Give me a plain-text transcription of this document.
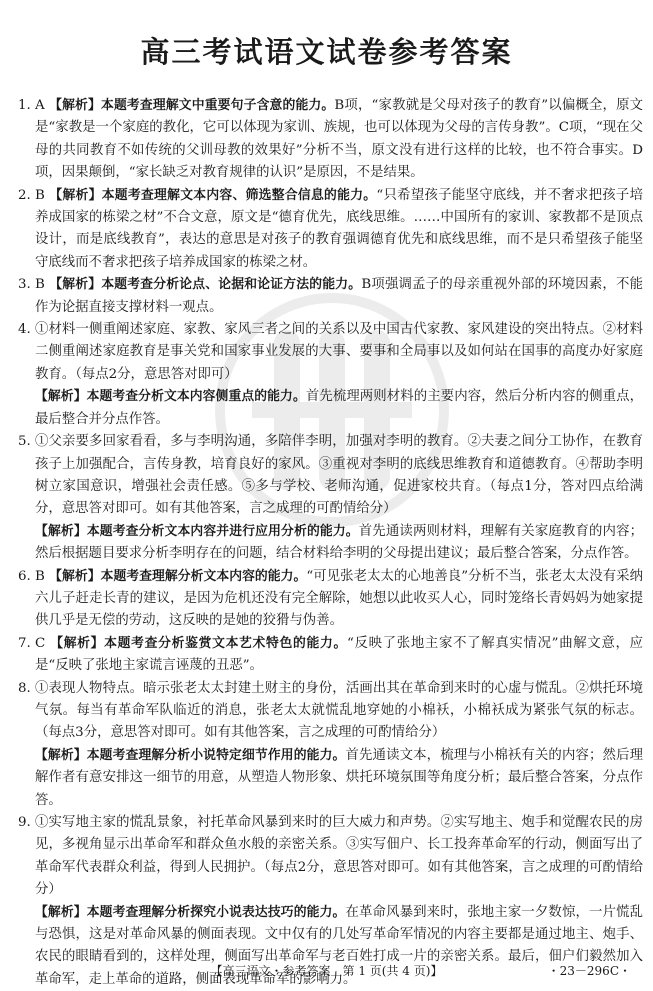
高三考试语文试卷参考答案
1. A 【解析】本题考查理解文中重要句子含意的能力。B项，“家教就是父母对孩子的教育”以偏概全，原文是“家教是一个家庭的教化，它可以体现为家训、族规，也可以体现为父母的言传身教”。C项，“现在父母的共同教育不如传统的父训母教的效果好”分析不当，原文没有进行这样的比较，也不符合事实。D项，因果颠倒，“家长缺乏对教育规律的认识”是原因，不是结果。
2. B 【解析】本题考查理解文本内容、筛选整合信息的能力。“只希望孩子能坚守底线，并不奢求把孩子培养成国家的栋梁之材”不合文意，原文是“德育优先，底线思维。……中国所有的家训、家教都不是顶点设计，而是底线教育”，表达的意思是对孩子的教育强调德育优先和底线思维，而不是只希望孩子能坚守底线而不奢求把孩子培养成国家的栋梁之材。
3. B 【解析】本题考查分析论点、论据和论证方法的能力。B项强调孟子的母亲重视外部的环境因素，不能作为论据直接支撑材料一观点。
4. ①材料一侧重阐述家庭、家教、家风三者之间的关系以及中国古代家教、家风建设的突出特点。②材料二侧重阐述家庭教育是事关党和国家事业发展的大事、要事和全局事以及如何站在国事的高度办好家庭教育。（每点2分，意思答对即可）
【解析】本题考查分析文本内容侧重点的能力。首先梳理两则材料的主要内容，然后分析内容的侧重点，最后整合并分点作答。
5. ①父亲要多回家看看，多与李明沟通，多陪伴李明，加强对李明的教育。②夫妻之间分工协作，在教育孩子上加强配合，言传身教，培育良好的家风。③重视对李明的底线思维教育和道德教育。④帮助李明树立家国意识，增强社会责任感。⑤多与学校、老师沟通，促进家校共育。（每点1分，答对四点给满分，意思答对即可。如有其他答案，言之成理的可酌情给分）
【解析】本题考查分析文本内容并进行应用分析的能力。首先通读两则材料，理解有关家庭教育的内容；然后根据题目要求分析李明存在的问题，结合材料给李明的父母提出建议；最后整合答案，分点作答。
6. B 【解析】本题考查理解分析文本内容的能力。“可见张老太太的心地善良”分析不当，张老太太没有采纳六儿子赶走长青的建议，是因为危机还没有完全解除，她想以此收买人心，同时笼络长青妈妈为她家提供几乎是无偿的劳动，这反映的是她的狡猾与伪善。
7. C 【解析】本题考查分析鉴赏文本艺术特色的能力。“反映了张地主家不了解真实情况”曲解文意，应是“反映了张地主家谎言诬蔑的丑恶”。
8. ①表现人物特点。暗示张老太太封建土财主的身份，活画出其在革命到来时的心虚与慌乱。②烘托环境气氛。每当有革命军队临近的消息，张老太太就慌乱地穿她的小棉袄，小棉袄成为紧张气氛的标志。（每点3分，意思答对即可。如有其他答案，言之成理的可酌情给分）
【解析】本题考查理解分析小说特定细节作用的能力。首先通读文本，梳理与小棉袄有关的内容；然后理解作者有意安排这一细节的用意，从塑造人物形象、烘托环境氛围等角度分析；最后整合答案，分点作答。
9. ①实写地主家的慌乱景象，衬托革命风暴到来时的巨大威力和声势。②实写地主、炮手和觉醒农民的房见，多视角显示出革命军和群众鱼水般的亲密关系。③实写佃户、长工投奔革命军的行动，侧面写出了革命军代表群众利益，得到人民拥护。（每点2分，意思答对即可。如有其他答案，言之成理的可酌情给分）
【解析】本题考查理解分析探究小说表达技巧的能力。在革命风暴到来时，张地主家一夕数惊，一片慌乱与恐惧，这是对革命风暴的侧面表现。文中仅有的几处写革命军情况的内容主要都是通过地主、炮手、农民的眼睛看到的，这样处理，侧面写出革命军与老百姓打成一片的亲密关系。最后，佃户们毅然加入革命军，走上革命的道路，侧面表现革命军的影响力。
【高三语文・参考答案　第 1 页(共 4 页)】	・23－296C・
